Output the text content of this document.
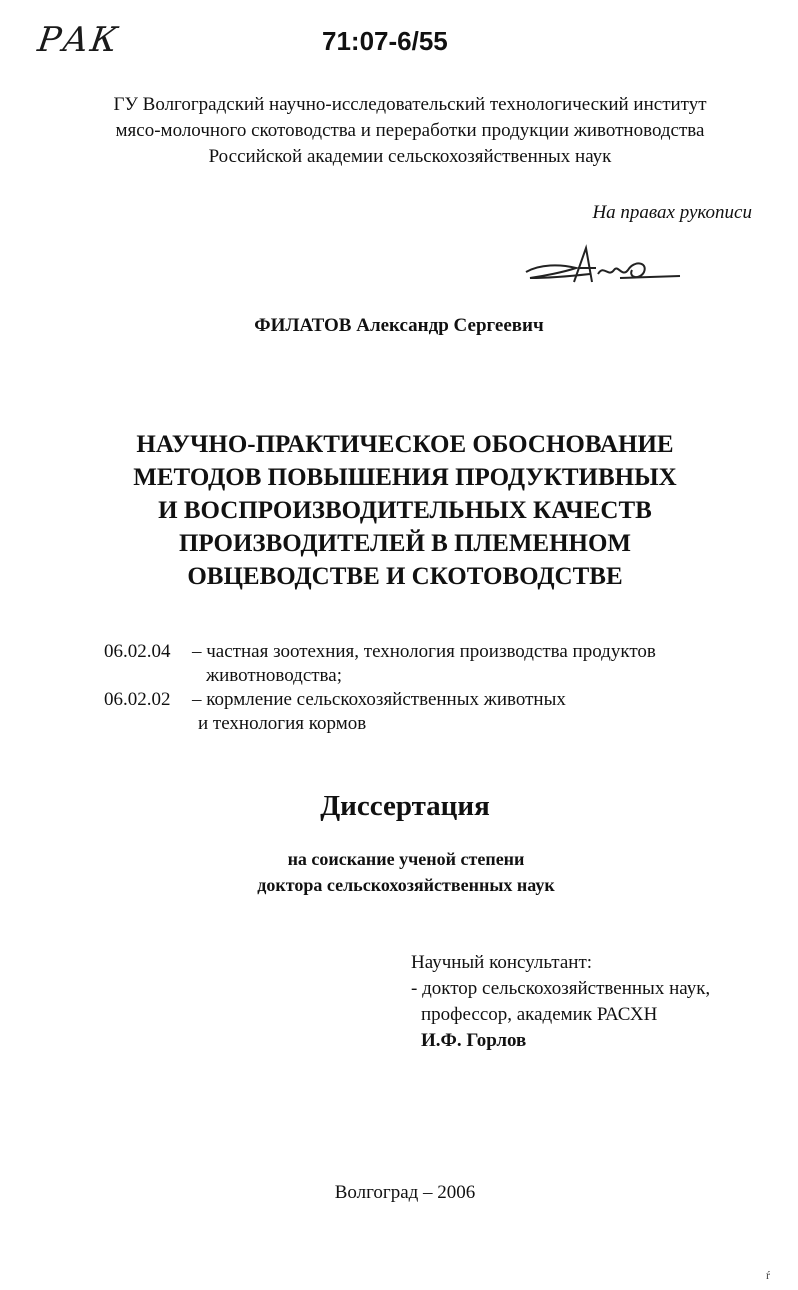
РАК	71:07-6/55
ГУ Волгоградский научно-исследовательский технологический институт
мясо-молочного скотоводства и переработки продукции животноводства
Российской академии сельскохозяйственных наук
На правах рукописи
ФИЛАТОВ Александр Сергеевич
НАУЧНО-ПРАКТИЧЕСКОЕ ОБОСНОВАНИЕ
МЕТОДОВ ПОВЫШЕНИЯ ПРОДУКТИВНЫХ
И ВОСПРОИЗВОДИТЕЛЬНЫХ КАЧЕСТВ
ПРОИЗВОДИТЕЛЕЙ В ПЛЕМЕННОМ
ОВЦЕВОДСТВЕ И СКОТОВОДСТВЕ
06.02.04	– частная зоотехния, технология производства продуктов
животноводства;
06.02.02	– кормление сельскохозяйственных животных
и технология кормов
Диссертация
на соискание ученой степени
доктора сельскохозяйственных наук
Научный консультант:
- доктор сельскохозяйственных наук,
профессор, академик РАСХН
И.Ф. Горлов
Волгоград – 2006
ŕ
